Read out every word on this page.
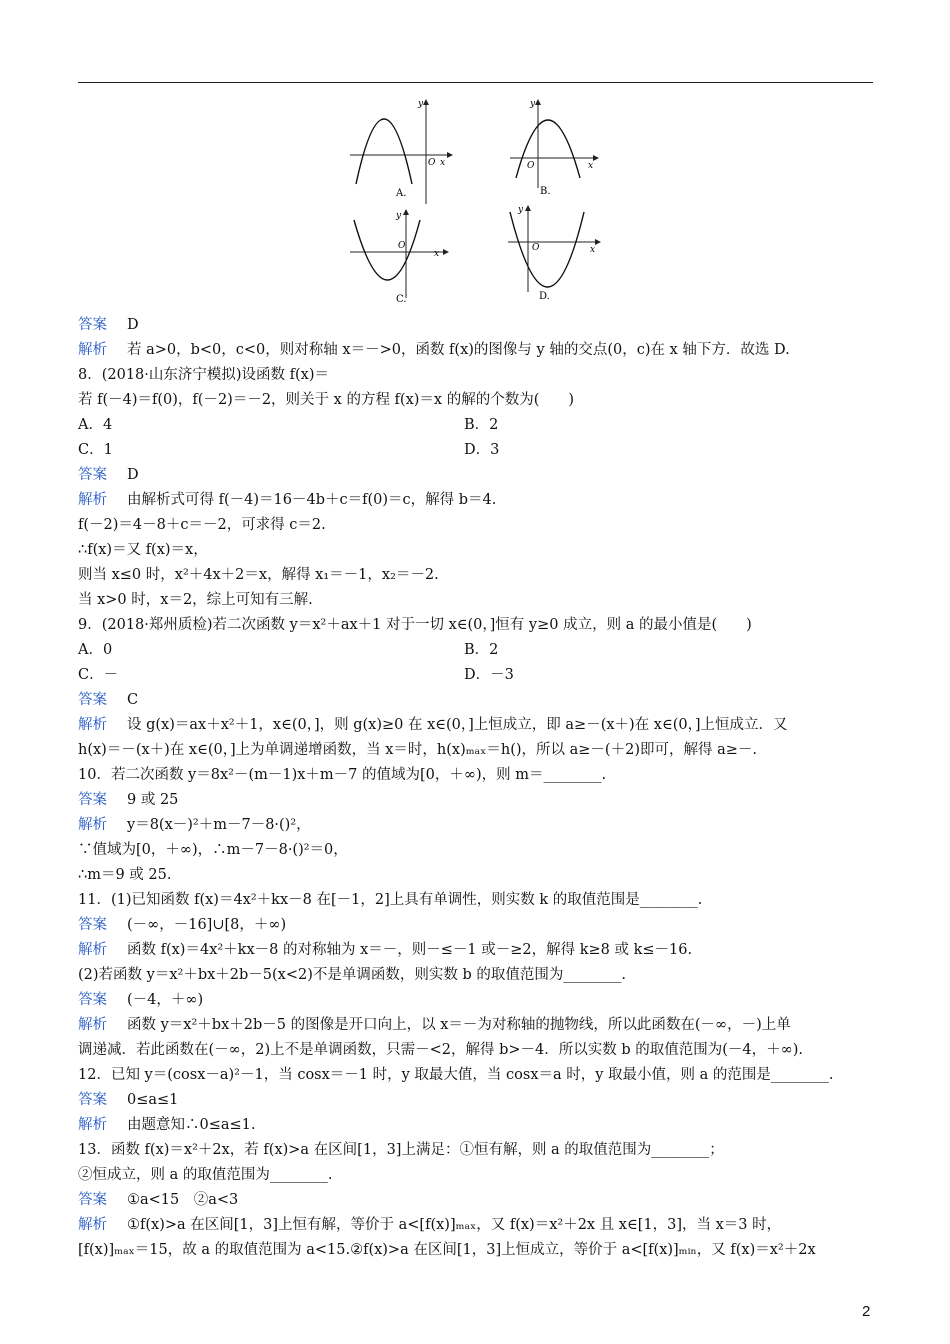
y
O x
A.
y
O	x
B.
y
O
x
C.
y
O	x
D.
答案 D
解析 若 a>0，b<0，c<0，则对称轴 x＝－>0，函数 f(x)的图像与 y 轴的交点(0，c)在 x 轴下方．故选 D.
8．(2018·山东济宁模拟)设函数 f(x)＝
若 f(－4)＝f(0)，f(－2)＝－2，则关于 x 的方程 f(x)＝x 的解的个数为(　　)
A．4	B．2
C．1	D．3
答案 D
解析 由解析式可得 f(－4)＝16－4b＋c＝f(0)＝c，解得 b＝4.
f(－2)＝4－8＋c＝－2，可求得 c＝2.
∴f(x)＝又 f(x)＝x，
则当 x≤0 时，x²＋4x＋2＝x，解得 x₁＝－1，x₂＝－2.
当 x>0 时，x＝2，综上可知有三解.
9．(2018·郑州质检)若二次函数 y＝x²＋ax＋1 对于一切 x∈(0，]恒有 y≥0 成立，则 a 的最小值是(　　)
A．0	B．2
C．－	D．－3
答案 C
解析 设 g(x)＝ax＋x²＋1，x∈(0，]，则 g(x)≥0 在 x∈(0，]上恒成立，即 a≥－(x＋)在 x∈(0，]上恒成立．又
h(x)＝－(x＋)在 x∈(0，]上为单调递增函数，当 x＝时，h(x)ₘₐₓ＝h()，所以 a≥－(＋2)即可，解得 a≥－.
10．若二次函数 y＝8x²－(m－1)x＋m－7 的值域为[0，＋∞)，则 m＝________.
答案 9 或 25
解析 y＝8(x－)²＋m－7－8·()²，
∵值域为[0，＋∞)，∴m－7－8·()²＝0，
∴m＝9 或 25.
11．(1)已知函数 f(x)＝4x²＋kx－8 在[－1，2]上具有单调性，则实数 k 的取值范围是________.
答案 (－∞，－16]∪[8，＋∞)
解析 函数 f(x)＝4x²＋kx－8 的对称轴为 x＝－，则－≤－1 或－≥2，解得 k≥8 或 k≤－16.
(2)若函数 y＝x²＋bx＋2b－5(x<2)不是单调函数，则实数 b 的取值范围为________.
答案 (－4，＋∞)
解析 函数 y＝x²＋bx＋2b－5 的图像是开口向上，以 x＝－为对称轴的抛物线，所以此函数在(－∞，－)上单
调递减．若此函数在(－∞，2)上不是单调函数，只需－<2，解得 b>－4．所以实数 b 的取值范围为(－4，＋∞).
12．已知 y＝(cosx－a)²－1，当 cosx＝－1 时，y 取最大值，当 cosx＝a 时，y 取最小值，则 a 的范围是________.
答案 0≤a≤1
解析 由题意知∴0≤a≤1.
13．函数 f(x)＝x²＋2x，若 f(x)>a 在区间[1，3]上满足：①恒有解，则 a 的取值范围为________；
②恒成立，则 a 的取值范围为________.
答案 ①a<15　②a<3
解析 ①f(x)>a 在区间[1，3]上恒有解，等价于 a<[f(x)]ₘₐₓ，又 f(x)＝x²＋2x 且 x∈[1，3]，当 x＝3 时，
[f(x)]ₘₐₓ＝15，故 a 的取值范围为 a<15.②f(x)>a 在区间[1，3]上恒成立，等价于 a<[f(x)]ₘᵢₙ，又 f(x)＝x²＋2x
2
